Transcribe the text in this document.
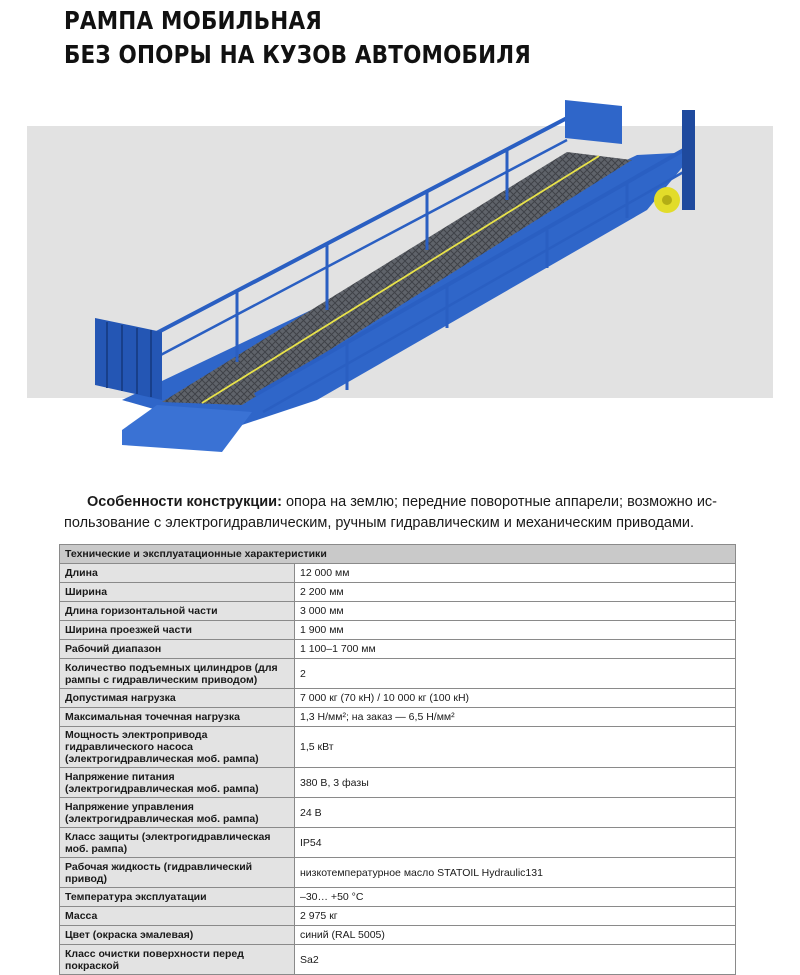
РАМПА МОБИЛЬНАЯ
БЕЗ ОПОРЫ НА КУЗОВ АВТОМОБИЛЯ

Особенности конструкции: опора на землю; передние поворотные аппарели; возможно ис-пользование с электрогидравлическим, ручным гидравлическим и механическим приводами.

Технические и эксплуатационные характеристики	
Длина	12 000 мм
Ширина	2 200 мм
Длина горизонтальной части	3 000 мм
Ширина проезжей части	1 900 мм
Рабочий диапазон	1 100–1 700 мм
Количество подъемных цилиндров (для рампы с гидравлическим приводом)	2
Допустимая нагрузка	7 000 кг (70 кН) / 10 000 кг (100 кН)
Максимальная точечная нагрузка	1,3 Н/мм²; на заказ — 6,5 Н/мм²
Мощность электропривода гидравлического насоса (электрогидравлическая моб. рампа)	1,5 кВт
Напряжение питания (электрогидравлическая моб. рампа)	380 В, 3 фазы
Напряжение управления (электрогидравлическая моб. рампа)	24 В
Класс защиты (электрогидравлическая моб. рампа)	IP54
Рабочая жидкость (гидравлический привод)	низкотемпературное масло STATOIL Hydraulic131
Температура эксплуатации	–30… +50 °С
Масса	2 975 кг
Цвет (окраска эмалевая)	синий (RAL 5005)
Класс очистки поверхности перед покраской	Sa2
